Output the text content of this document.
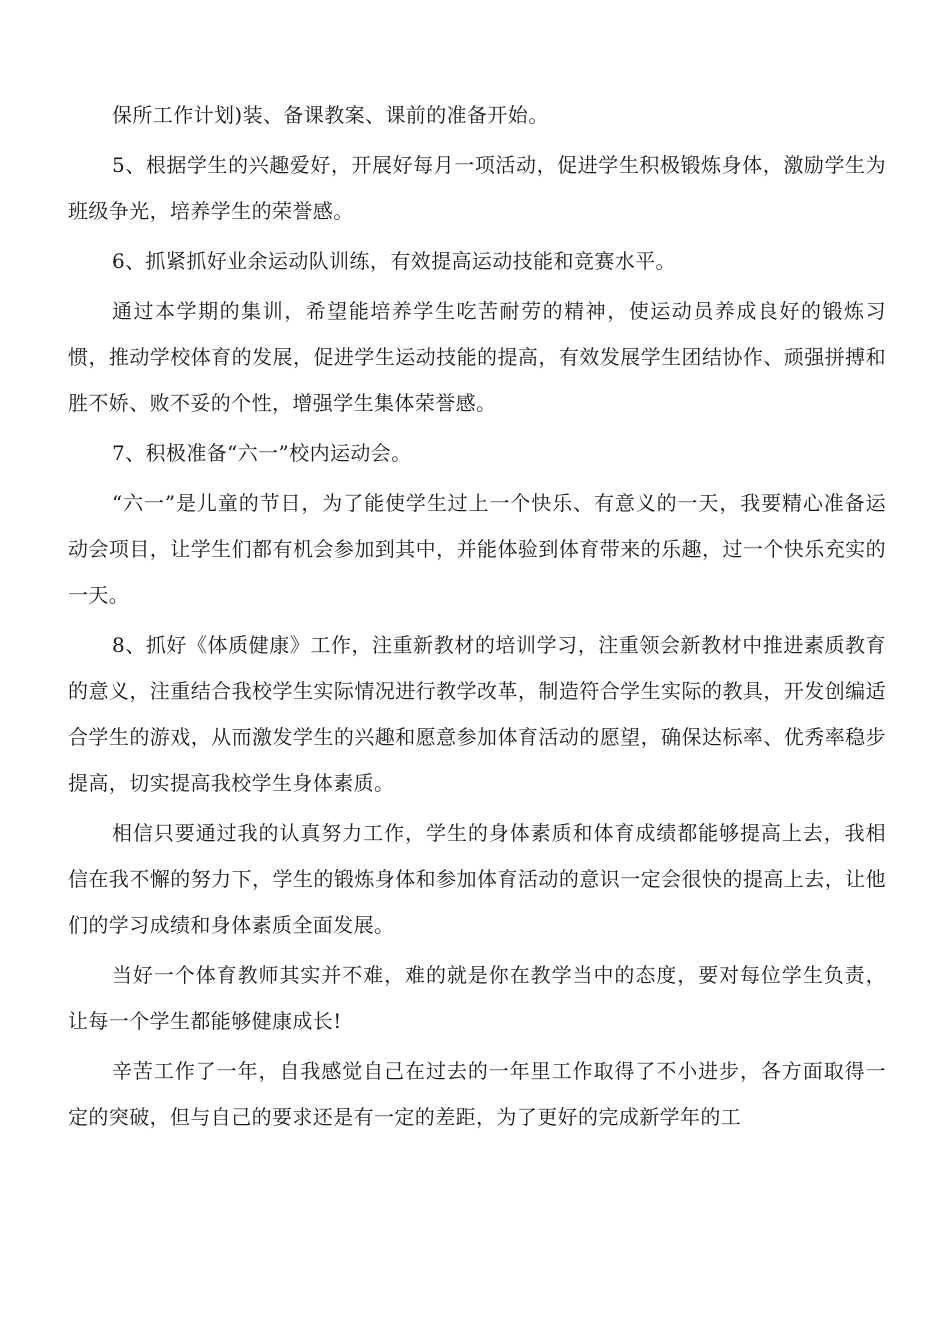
保所工作计划)装、备课教案、课前的准备开始。

5、根据学生的兴趣爱好，开展好每月一项活动，促进学生积极锻炼身体，激励学生为班级争光，培养学生的荣誉感。

6、抓紧抓好业余运动队训练，有效提高运动技能和竞赛水平。

通过本学期的集训，希望能培养学生吃苦耐劳的精神，使运动员养成良好的锻炼习惯，推动学校体育的发展，促进学生运动技能的提高，有效发展学生团结协作、顽强拼搏和胜不娇、败不妥的个性，增强学生集体荣誉感。

7、积极准备“六一”校内运动会。

“六一”是儿童的节日，为了能使学生过上一个快乐、有意义的一天，我要精心准备运动会项目，让学生们都有机会参加到其中，并能体验到体育带来的乐趣，过一个快乐充实的一天。

8、抓好《体质健康》工作，注重新教材的培训学习，注重领会新教材中推进素质教育的意义，注重结合我校学生实际情况进行教学改革，制造符合学生实际的教具，开发创编适合学生的游戏，从而激发学生的兴趣和愿意参加体育活动的愿望，确保达标率、优秀率稳步提高，切实提高我校学生身体素质。

相信只要通过我的认真努力工作，学生的身体素质和体育成绩都能够提高上去，我相信在我不懈的努力下，学生的锻炼身体和参加体育活动的意识一定会很快的提高上去，让他们的学习成绩和身体素质全面发展。

当好一个体育教师其实并不难，难的就是你在教学当中的态度，要对每位学生负责，让每一个学生都能够健康成长!

辛苦工作了一年，自我感觉自己在过去的一年里工作取得了不小进步，各方面取得一定的突破，但与自己的要求还是有一定的差距，为了更好的完成新学年的工
